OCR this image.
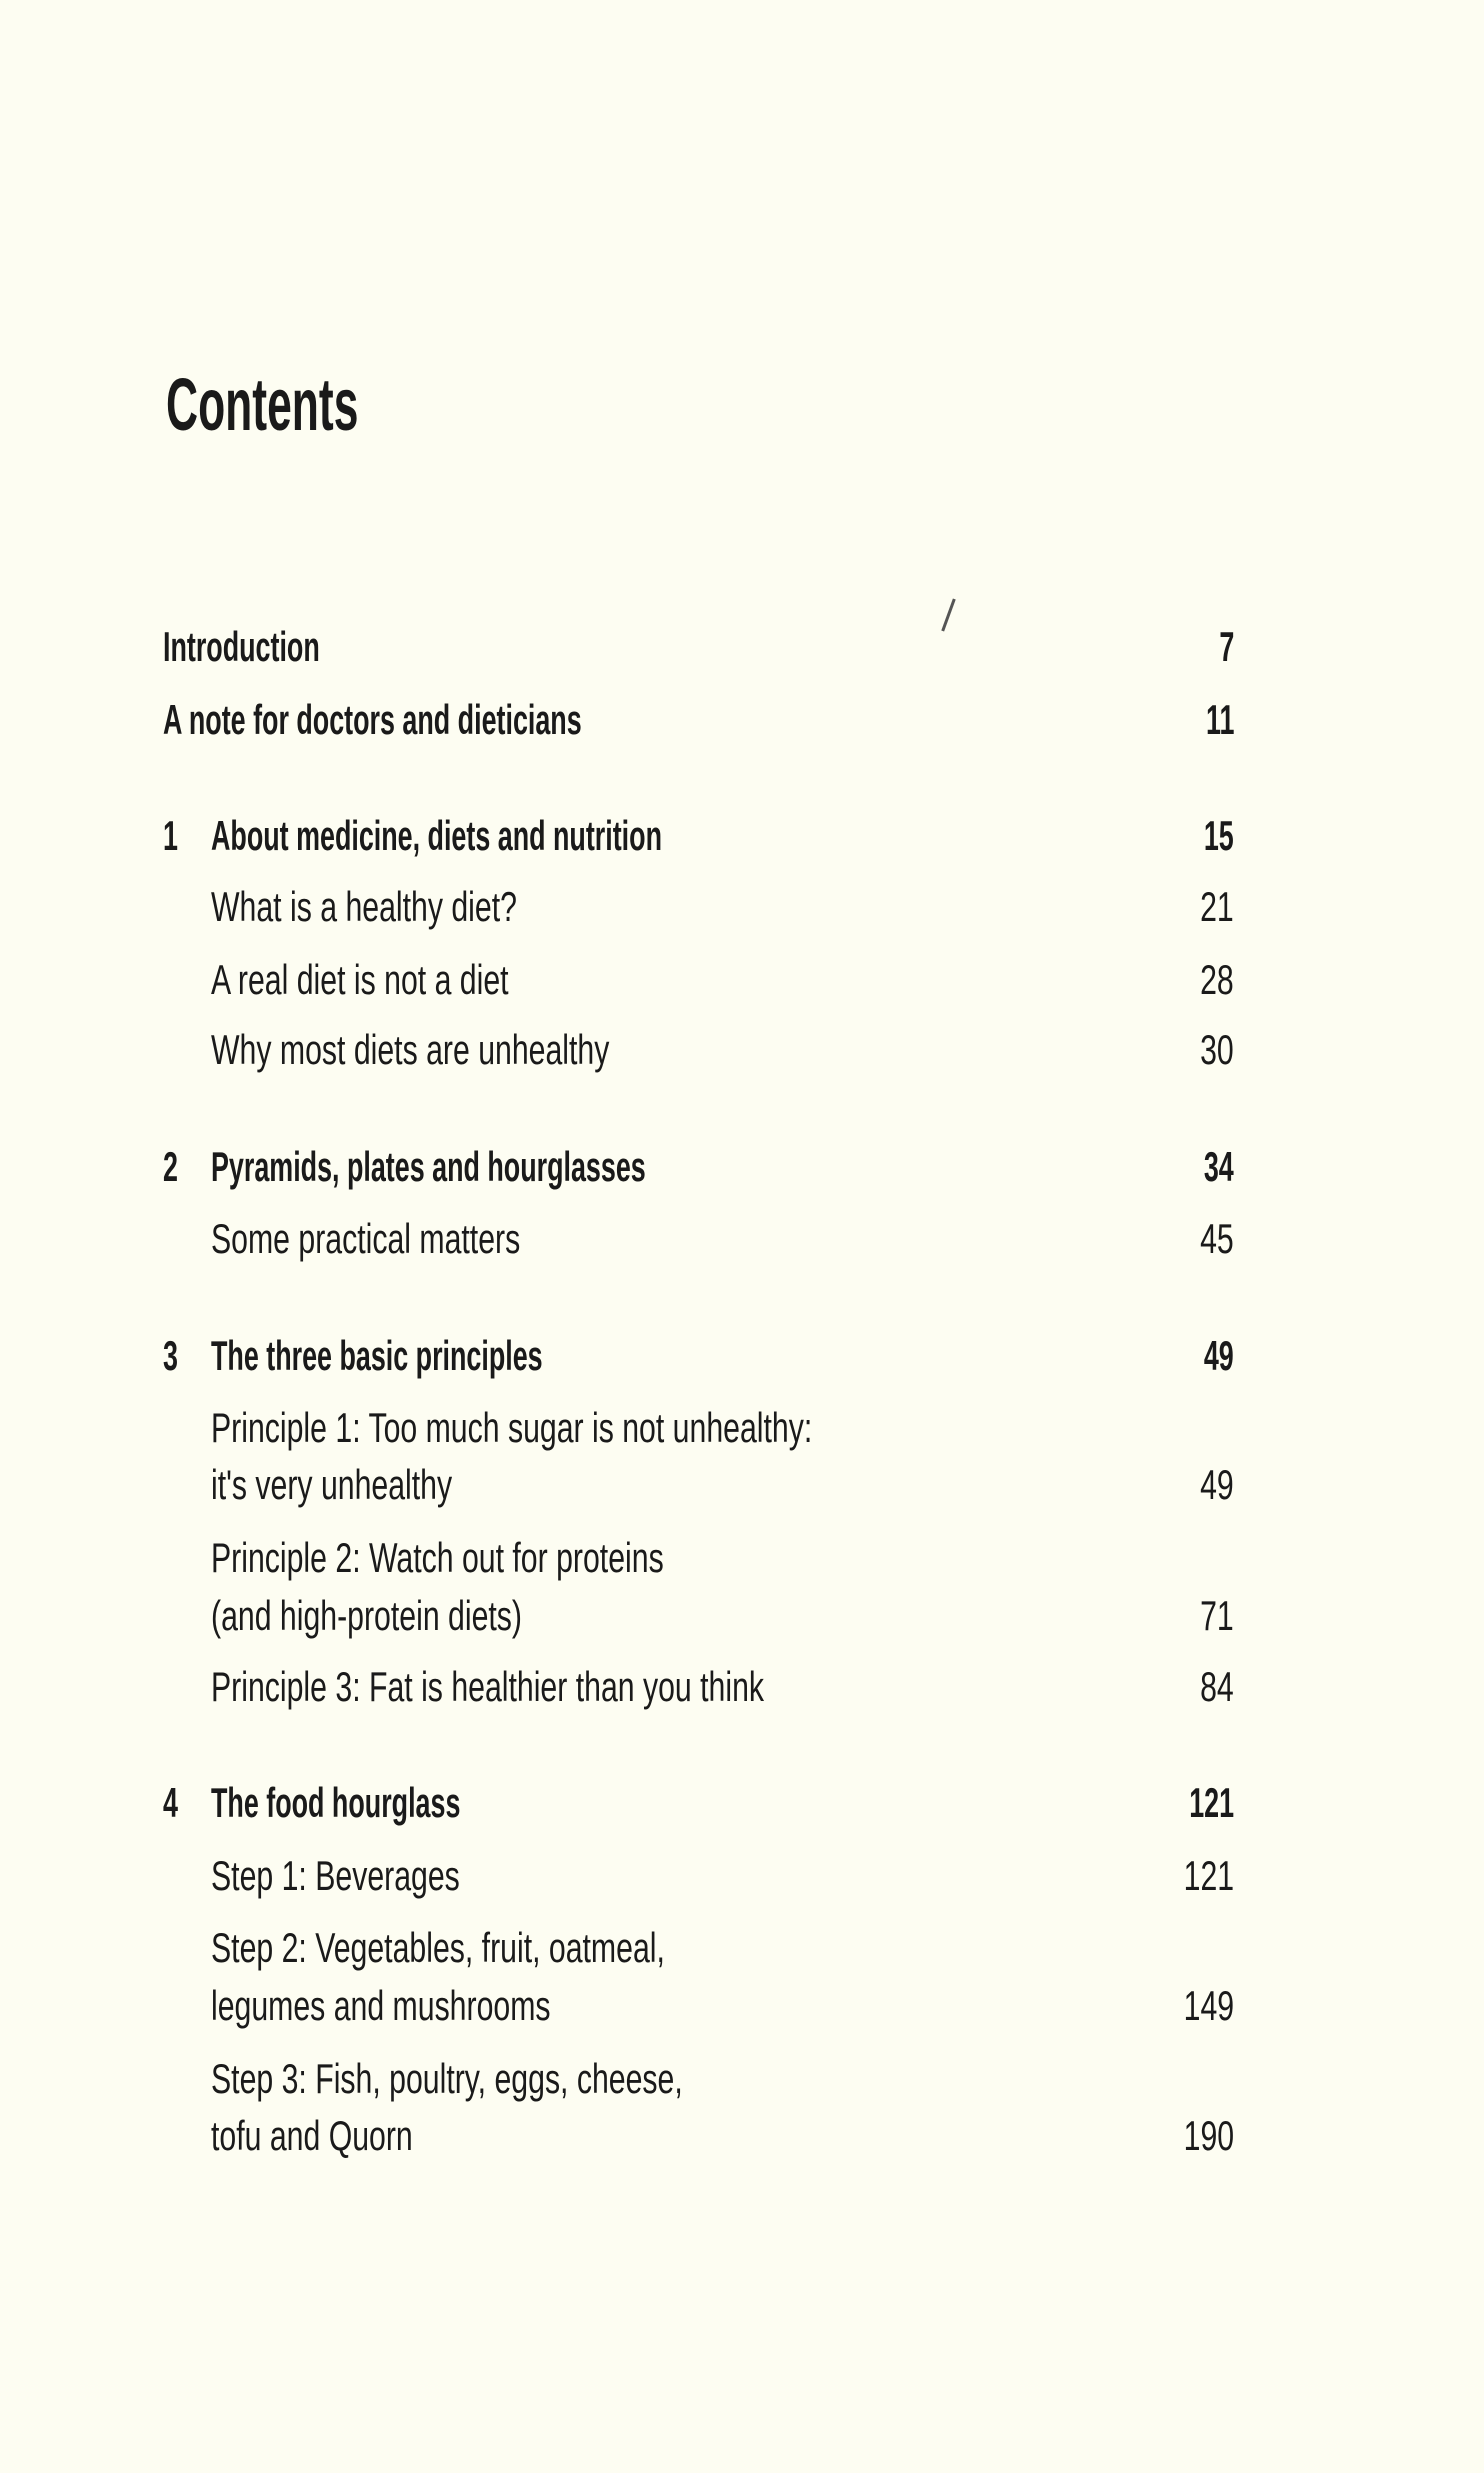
Contents
Introduction	7
A note for doctors and dieticians	11
1 About medicine, diets and nutrition	15
What is a healthy diet?	21
A real diet is not a diet	28
Why most diets are unhealthy	30
2 Pyramids, plates and hourglasses	34
Some practical matters	45
3 The three basic principles	49
Principle 1: Too much sugar is not unhealthy:
it's very unhealthy	49
Principle 2: Watch out for proteins
(and high-protein diets)	71
Principle 3: Fat is healthier than you think	84
4 The food hourglass	121
Step 1: Beverages	121
Step 2: Vegetables, fruit, oatmeal,
legumes and mushrooms	149
Step 3: Fish, poultry, eggs, cheese,
tofu and Quorn	190
